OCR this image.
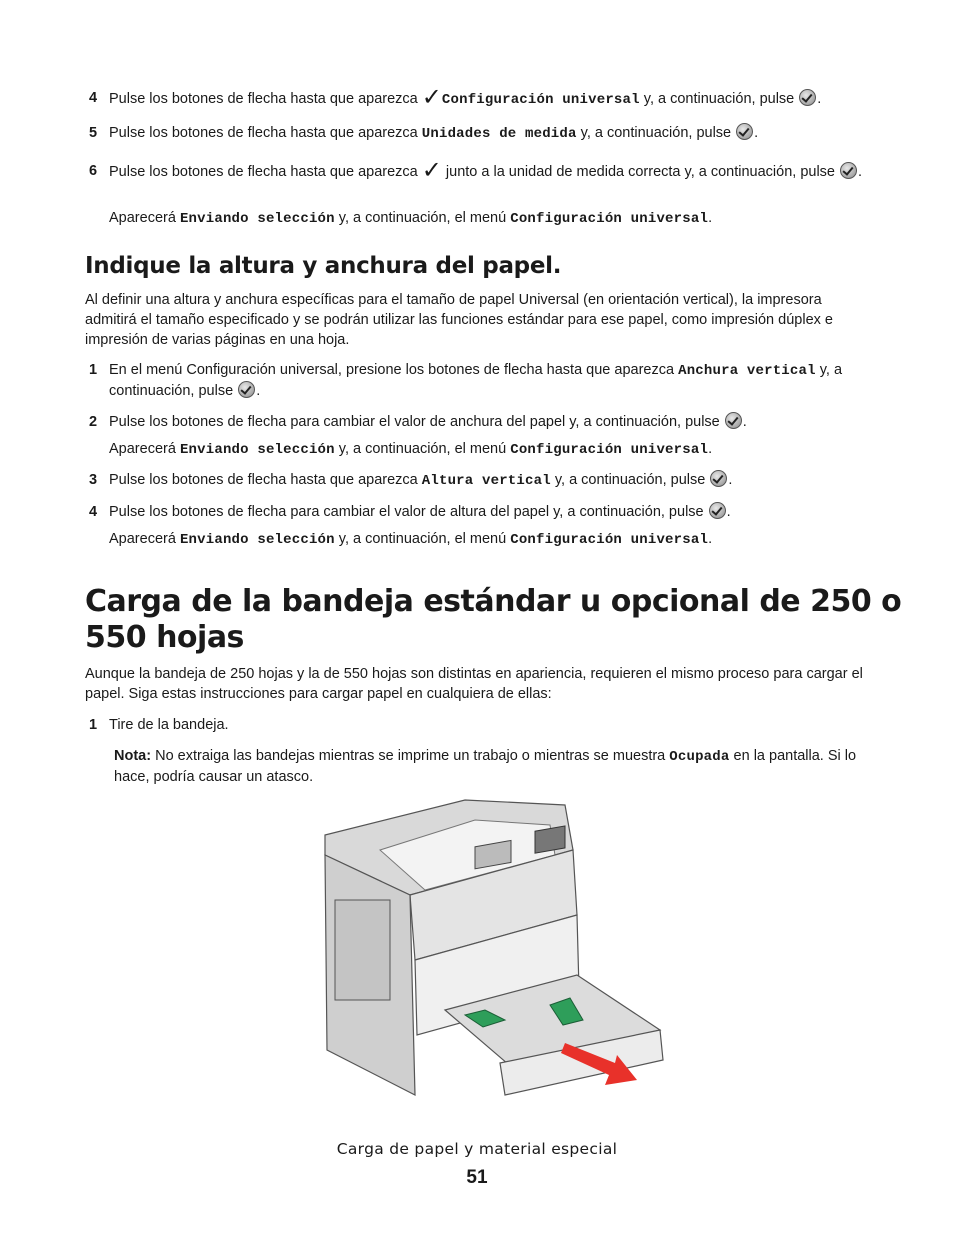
4 Pulse los botones de flecha hasta que aparezca ✓Configuración universal y, a continuación, pulse .
5 Pulse los botones de flecha hasta que aparezca Unidades de medida y, a continuación, pulse .
6 Pulse los botones de flecha hasta que aparezca ✓ junto a la unidad de medida correcta y, a continuación, pulse .
Aparecerá Enviando selección y, a continuación, el menú Configuración universal.
Indique la altura y anchura del papel.
Al definir una altura y anchura específicas para el tamaño de papel Universal (en orientación vertical), la impresora admitirá el tamaño especificado y se podrán utilizar las funciones estándar para ese papel, como impresión dúplex e impresión de varias páginas en una hoja.
1 En el menú Configuración universal, presione los botones de flecha hasta que aparezca Anchura vertical y, a continuación, pulse .
2 Pulse los botones de flecha para cambiar el valor de anchura del papel y, a continuación, pulse .
Aparecerá Enviando selección y, a continuación, el menú Configuración universal.
3 Pulse los botones de flecha hasta que aparezca Altura vertical y, a continuación, pulse .
4 Pulse los botones de flecha para cambiar el valor de altura del papel y, a continuación, pulse .
Aparecerá Enviando selección y, a continuación, el menú Configuración universal.
Carga de la bandeja estándar u opcional de 250 o 550 hojas
Aunque la bandeja de 250 hojas y la de 550 hojas son distintas en apariencia, requieren el mismo proceso para cargar el papel. Siga estas instrucciones para cargar papel en cualquiera de ellas:
1 Tire de la bandeja.
Nota: No extraiga las bandejas mientras se imprime un trabajo o mientras se muestra Ocupada en la pantalla. Si lo hace, podría causar un atasco.
Carga de papel y material especial
51
